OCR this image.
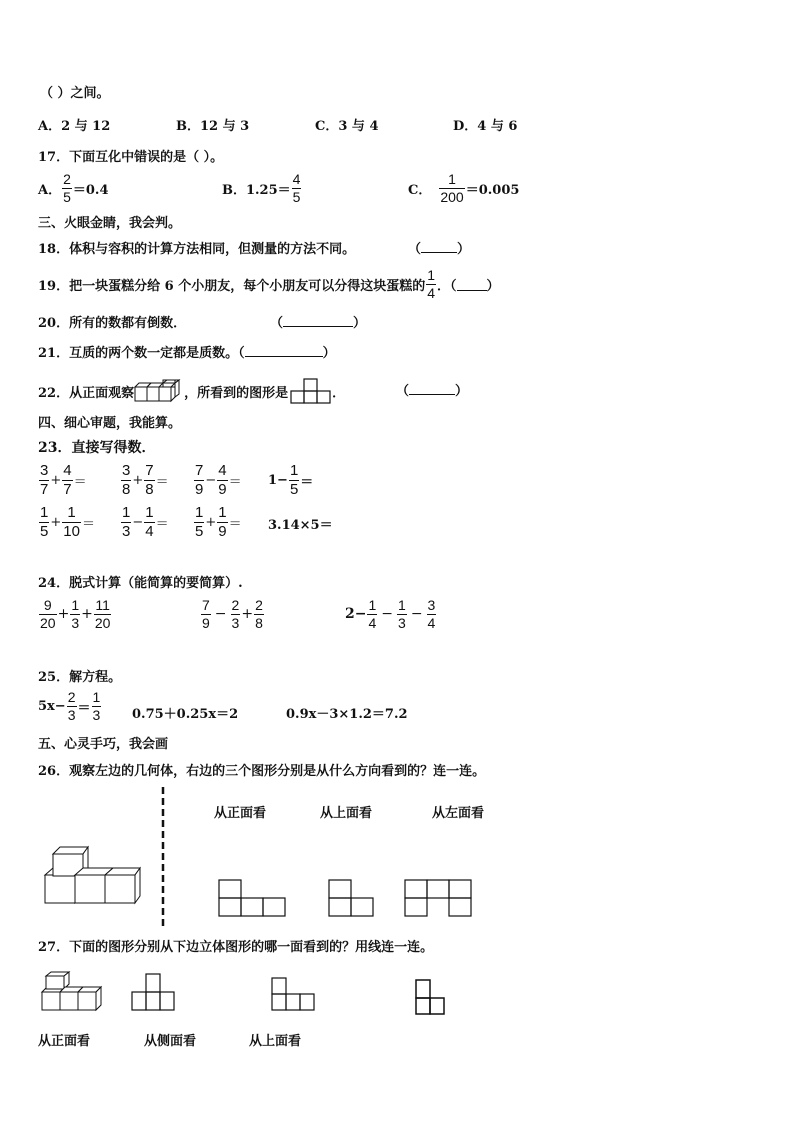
（ ）之间。
A．2 与 12	B．12 与 3	C．3 与 4	D．4 与 6
17．下面互化中错误的是（ ）。
A． $\frac{2}{5} =0.4$	B．$1.25= \frac{4}{5}$	C． $\frac{1}{200} =0.005$
三、火眼金睛，我会判。
18．体积与容积的计算方法相同，但测量的方法不同。	（	）
19．把一块蛋糕分给 6 个小朋友，每个小朋友可以分得这块蛋糕的 $\frac{1}{4}$ ．（ ）
20．所有的数都有倒数．	（	）
21．互质的两个数一定都是质数。（	）
22．从正面观察	，所看到的图形是	．	（	）
四、细心审题，我能算。
23．直接写得数．
$\frac{3}{7} + \frac{4}{7} = \frac{3}{8} + \frac{7}{8} = \frac{7}{9} - \frac{4}{9} = 1- \frac{1}{5}$ ＝
$\frac{1}{5} + \frac{1}{10} = \frac{1}{3} - \frac{1}{4} = \frac{1}{5} + \frac{1}{9} = 3.14\times 5=$
24．脱式计算（能简算的要简算）.
$\frac{9}{20} + \frac{1}{3} + \frac{11}{20}$	$\frac{7}{9} - \frac{2}{3} + \frac{2}{8}$	$2- \frac{1}{4} - \frac{1}{3} - \frac{3}{4}$
25．解方程。
$5x- \frac{2}{3} = \frac{1}{3} 0.75+0.25x=2$	0.9x－3×1.2＝7.2
五、心灵手巧，我会画
26．观察左边的几何体，右边的三个图形分别是从什么方向看到的？连一连。
从正面看	从上面看	从左面看
27．下面的图形分别从下边立体图形的哪一面看到的？用线连一连。
从正面看	从侧面看	从上面看
